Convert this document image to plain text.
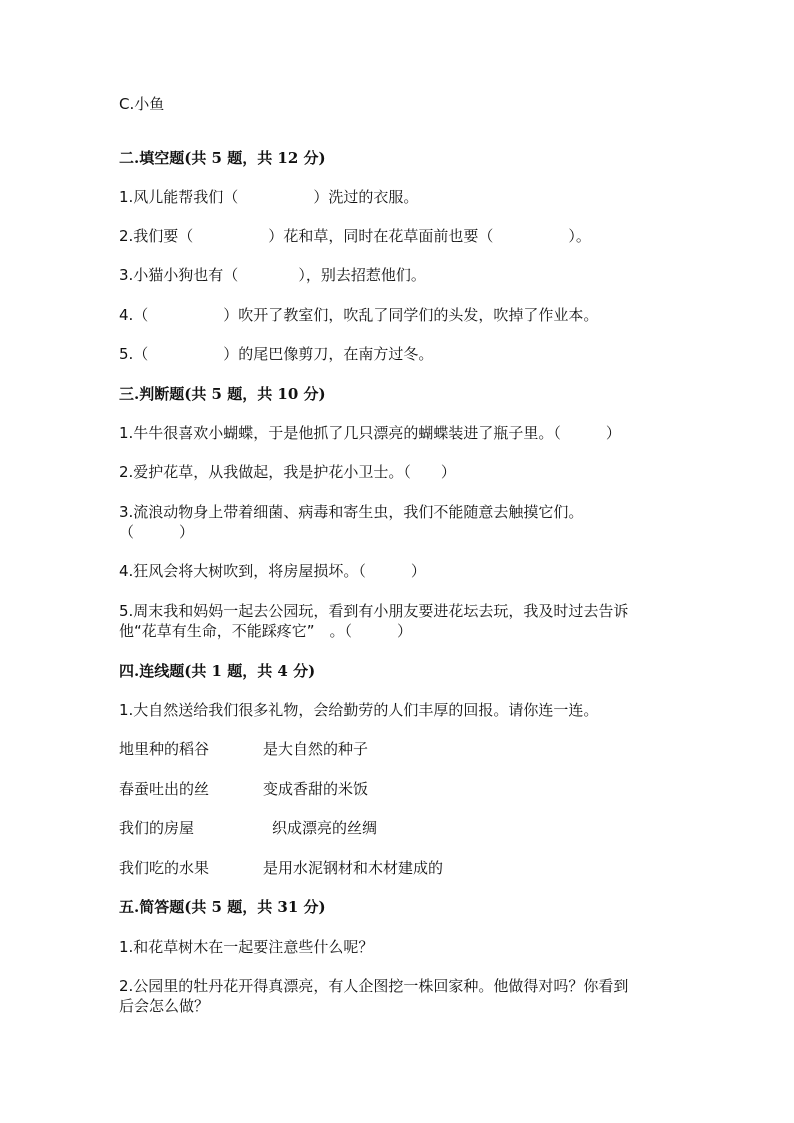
C.小鱼
二.填空题(共 5 题，共 12 分)
1.风儿能帮我们（　　　　　）洗过的衣服。
2.我们要（　　　　　）花和草，同时在花草面前也要（　　　　　）。
3.小猫小狗也有（　　　　），别去招惹他们。
4.（　　　　　）吹开了教室们，吹乱了同学们的头发，吹掉了作业本。
5.（　　　　　）的尾巴像剪刀，在南方过冬。
三.判断题(共 5 题，共 10 分)
1.牛牛很喜欢小蝴蝶，于是他抓了几只漂亮的蝴蝶装进了瓶子里。（　　　）
2.爱护花草，从我做起，我是护花小卫士。（　　）
3.流浪动物身上带着细菌、病毒和寄生虫，我们不能随意去触摸它们。
（　　　）
4.狂风会将大树吹到，将房屋损坏。（　　　）
5.周末我和妈妈一起去公园玩，看到有小朋友要进花坛去玩，我及时过去告诉
他“花草有生命，不能踩疼它”　。（　　　）
四.连线题(共 1 题，共 4 分)
1.大自然送给我们很多礼物，会给勤劳的人们丰厚的回报。请你连一连。
地里种的稻谷	是大自然的种子
春蚕吐出的丝	变成香甜的米饭
我们的房屋	织成漂亮的丝绸
我们吃的水果	是用水泥钢材和木材建成的
五.简答题(共 5 题，共 31 分)
1.和花草树木在一起要注意些什么呢？
2.公园里的牡丹花开得真漂亮，有人企图挖一株回家种。他做得对吗？你看到
后会怎么做？
